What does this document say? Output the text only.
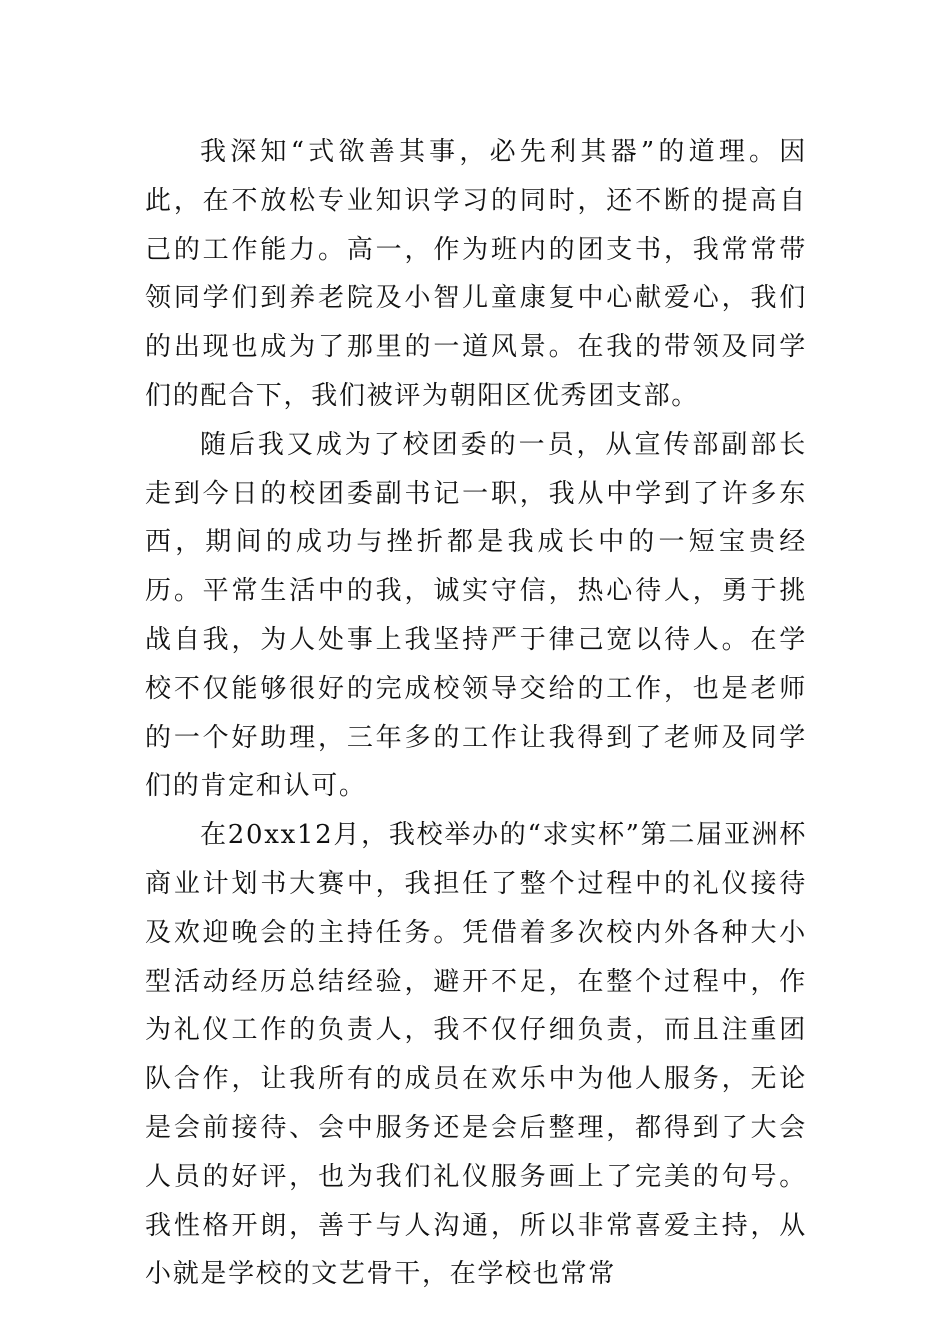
我深知“式欲善其事，必先利其器”的道理。因此，在不放松专业知识学习的同时，还不断的提高自己的工作能力。高一，作为班内的团支书，我常常带领同学们到养老院及小智儿童康复中心献爱心，我们的出现也成为了那里的一道风景。在我的带领及同学们的配合下，我们被评为朝阳区优秀团支部。

随后我又成为了校团委的一员，从宣传部副部长走到今日的校团委副书记一职，我从中学到了许多东西，期间的成功与挫折都是我成长中的一短宝贵经历。平常生活中的我，诚实守信，热心待人，勇于挑战自我，为人处事上我坚持严于律己宽以待人。在学校不仅能够很好的完成校领导交给的工作，也是老师的一个好助理，三年多的工作让我得到了老师及同学们的肯定和认可。

在20xx12月，我校举办的“求实杯”第二届亚洲杯商业计划书大赛中，我担任了整个过程中的礼仪接待及欢迎晚会的主持任务。凭借着多次校内外各种大小型活动经历总结经验，避开不足，在整个过程中，作为礼仪工作的负责人，我不仅仔细负责，而且注重团队合作，让我所有的成员在欢乐中为他人服务，无论是会前接待、会中服务还是会后整理，都得到了大会人员的好评，也为我们礼仪服务画上了完美的句号。我性格开朗，善于与人沟通，所以非常喜爱主持，从小就是学校的文艺骨干，在学校也常常
